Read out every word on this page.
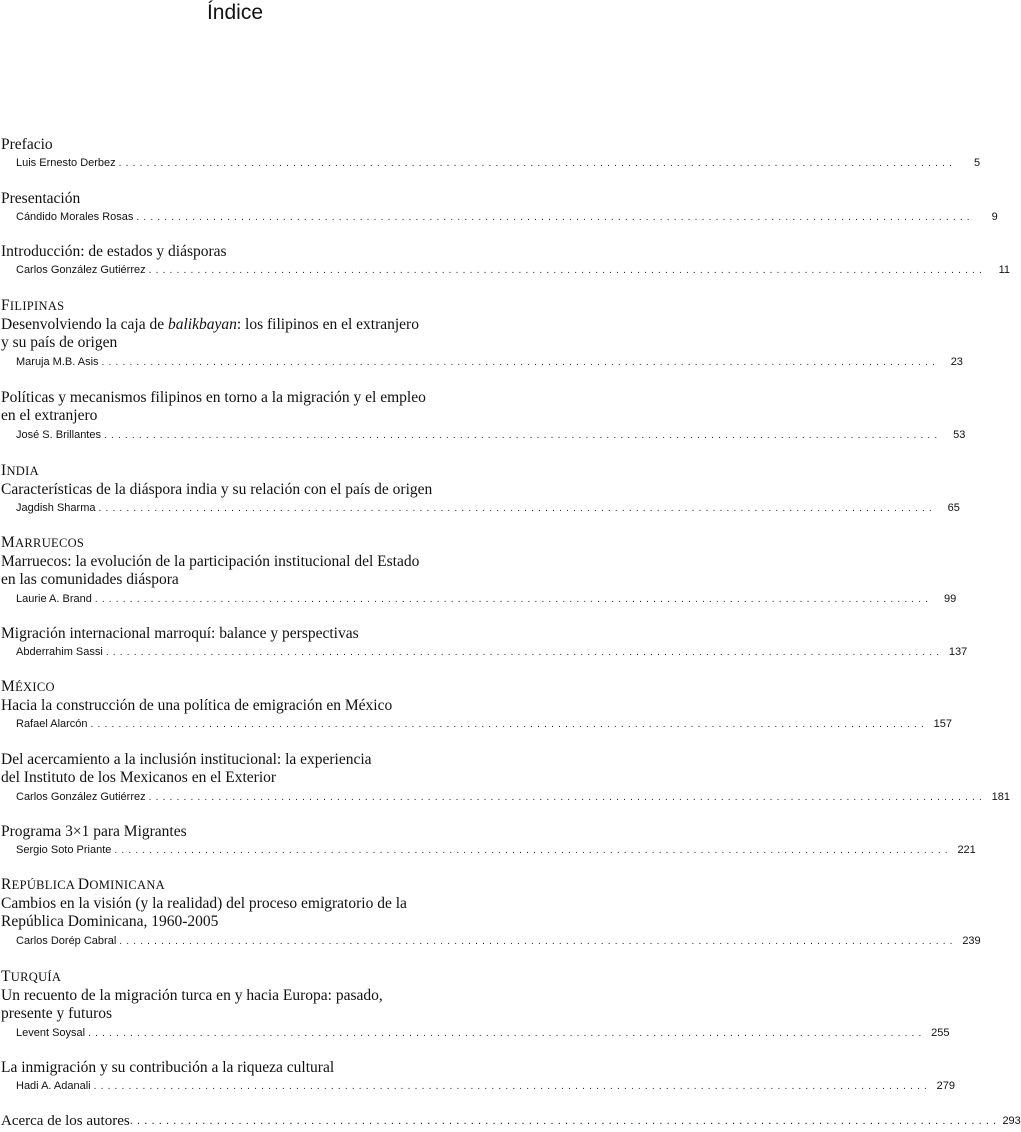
Índice
Prefacio
Luis Ernesto Derbez ........................................................................................................................	5
Presentación
Cándido Morales Rosas ........................................................................................................................	9
Introducción: de estados y diásporas
Carlos González Gutiérrez ........................................................................................................................	11
FILIPINAS
Desenvolviendo la caja de balikbayan: los filipinos en el extranjero
y su país de origen
Maruja M.B. Asis ........................................................................................................................	23
Políticas y mecanismos filipinos en torno a la migración y el empleo
en el extranjero
José S. Brillantes ........................................................................................................................	53
INDIA
Características de la diáspora india y su relación con el país de origen
Jagdish Sharma ........................................................................................................................	65
MARRUECOS
Marruecos: la evolución de la participación institucional del Estado
en las comunidades diáspora
Laurie A. Brand ........................................................................................................................	99
Migración internacional marroquí: balance y perspectivas
Abderrahim Sassi ........................................................................................................................ 137
MÉXICO
Hacia la construcción de una política de emigración en México
Rafael Alarcón ........................................................................................................................ 157
Del acercamiento a la inclusión institucional: la experiencia
del Instituto de los Mexicanos en el Exterior
Carlos González Gutiérrez ........................................................................................................................ 181
Programa 3×1 para Migrantes
Sergio Soto Priante ........................................................................................................................ 221
REPÚBLICA DOMINICANA
Cambios en la visión (y la realidad) del proceso emigratorio de la
República Dominicana, 1960-2005
Carlos Dorép Cabral ........................................................................................................................ 239
TURQUÍA
Un recuento de la migración turca en y hacia Europa: pasado,
presente y futuros
Levent Soysal ........................................................................................................................ 255
La inmigración y su contribución a la riqueza cultural
Hadi A. Adanali ........................................................................................................................ 279
Acerca de los autores ........................................................................................................................ 293
